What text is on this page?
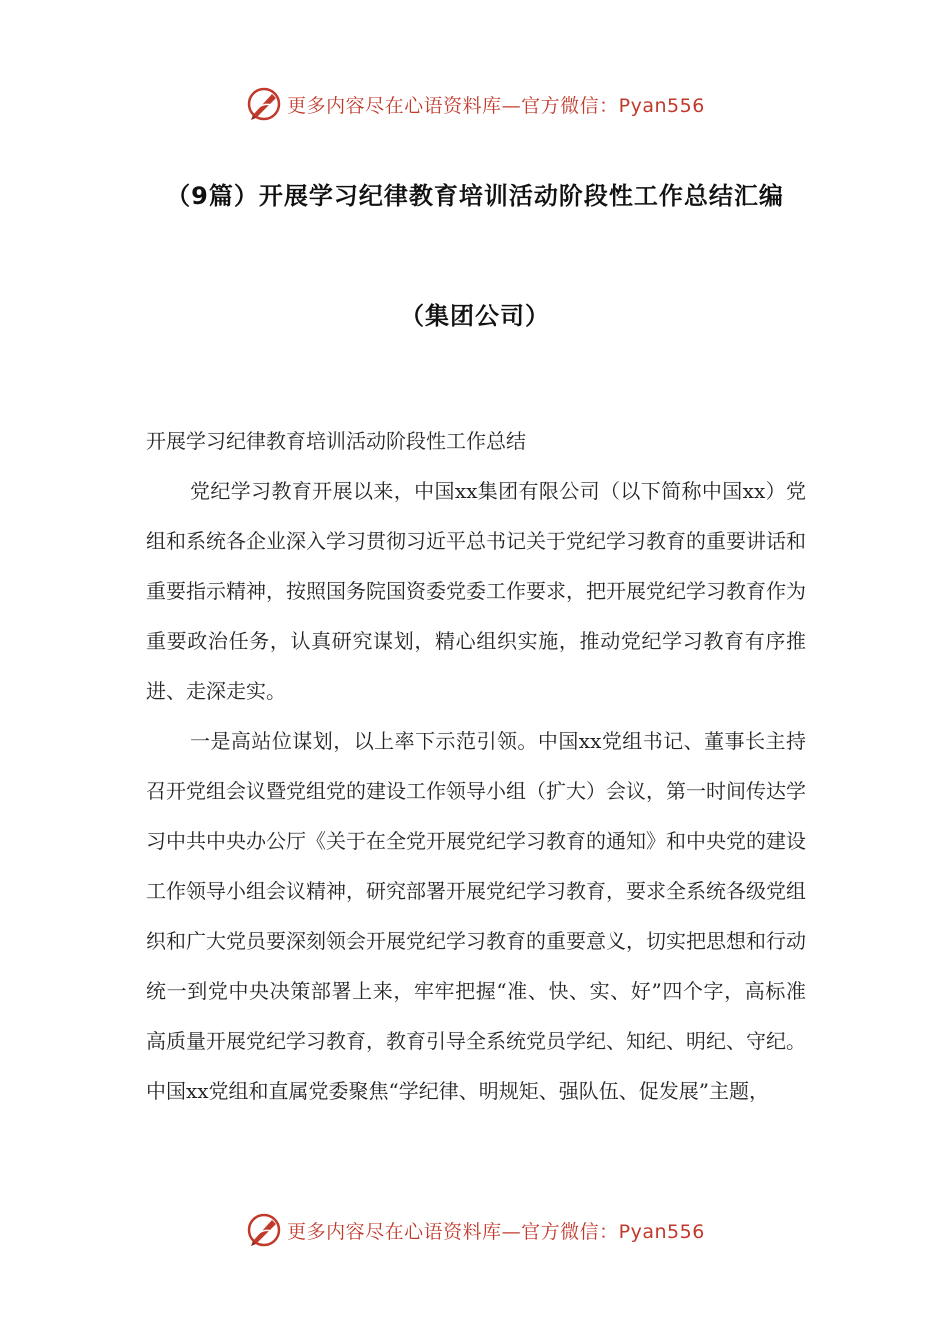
更多内容尽在心语资料库—官方微信：Pyan556
（9篇）开展学习纪律教育培训活动阶段性工作总结汇编
（集团公司）

开展学习纪律教育培训活动阶段性工作总结

党纪学习教育开展以来，中国xx集团有限公司（以下简称中国xx）党组和系统各企业深入学习贯彻习近平总书记关于党纪学习教育的重要讲话和重要指示精神，按照国务院国资委党委工作要求，把开展党纪学习教育作为重要政治任务，认真研究谋划，精心组织实施，推动党纪学习教育有序推进、走深走实。

一是高站位谋划，以上率下示范引领。中国xx党组书记、董事长主持召开党组会议暨党组党的建设工作领导小组（扩大）会议，第一时间传达学习中共中央办公厅《关于在全党开展党纪学习教育的通知》和中央党的建设工作领导小组会议精神，研究部署开展党纪学习教育，要求全系统各级党组织和广大党员要深刻领会开展党纪学习教育的重要意义，切实把思想和行动统一到党中央决策部署上来，牢牢把握“准、快、实、好”四个字，高标准高质量开展党纪学习教育，教育引导全系统党员学纪、知纪、明纪、守纪。中国xx党组和直属党委聚焦“学纪律、明规矩、强队伍、促发展”主题，

更多内容尽在心语资料库—官方微信：Pyan556
